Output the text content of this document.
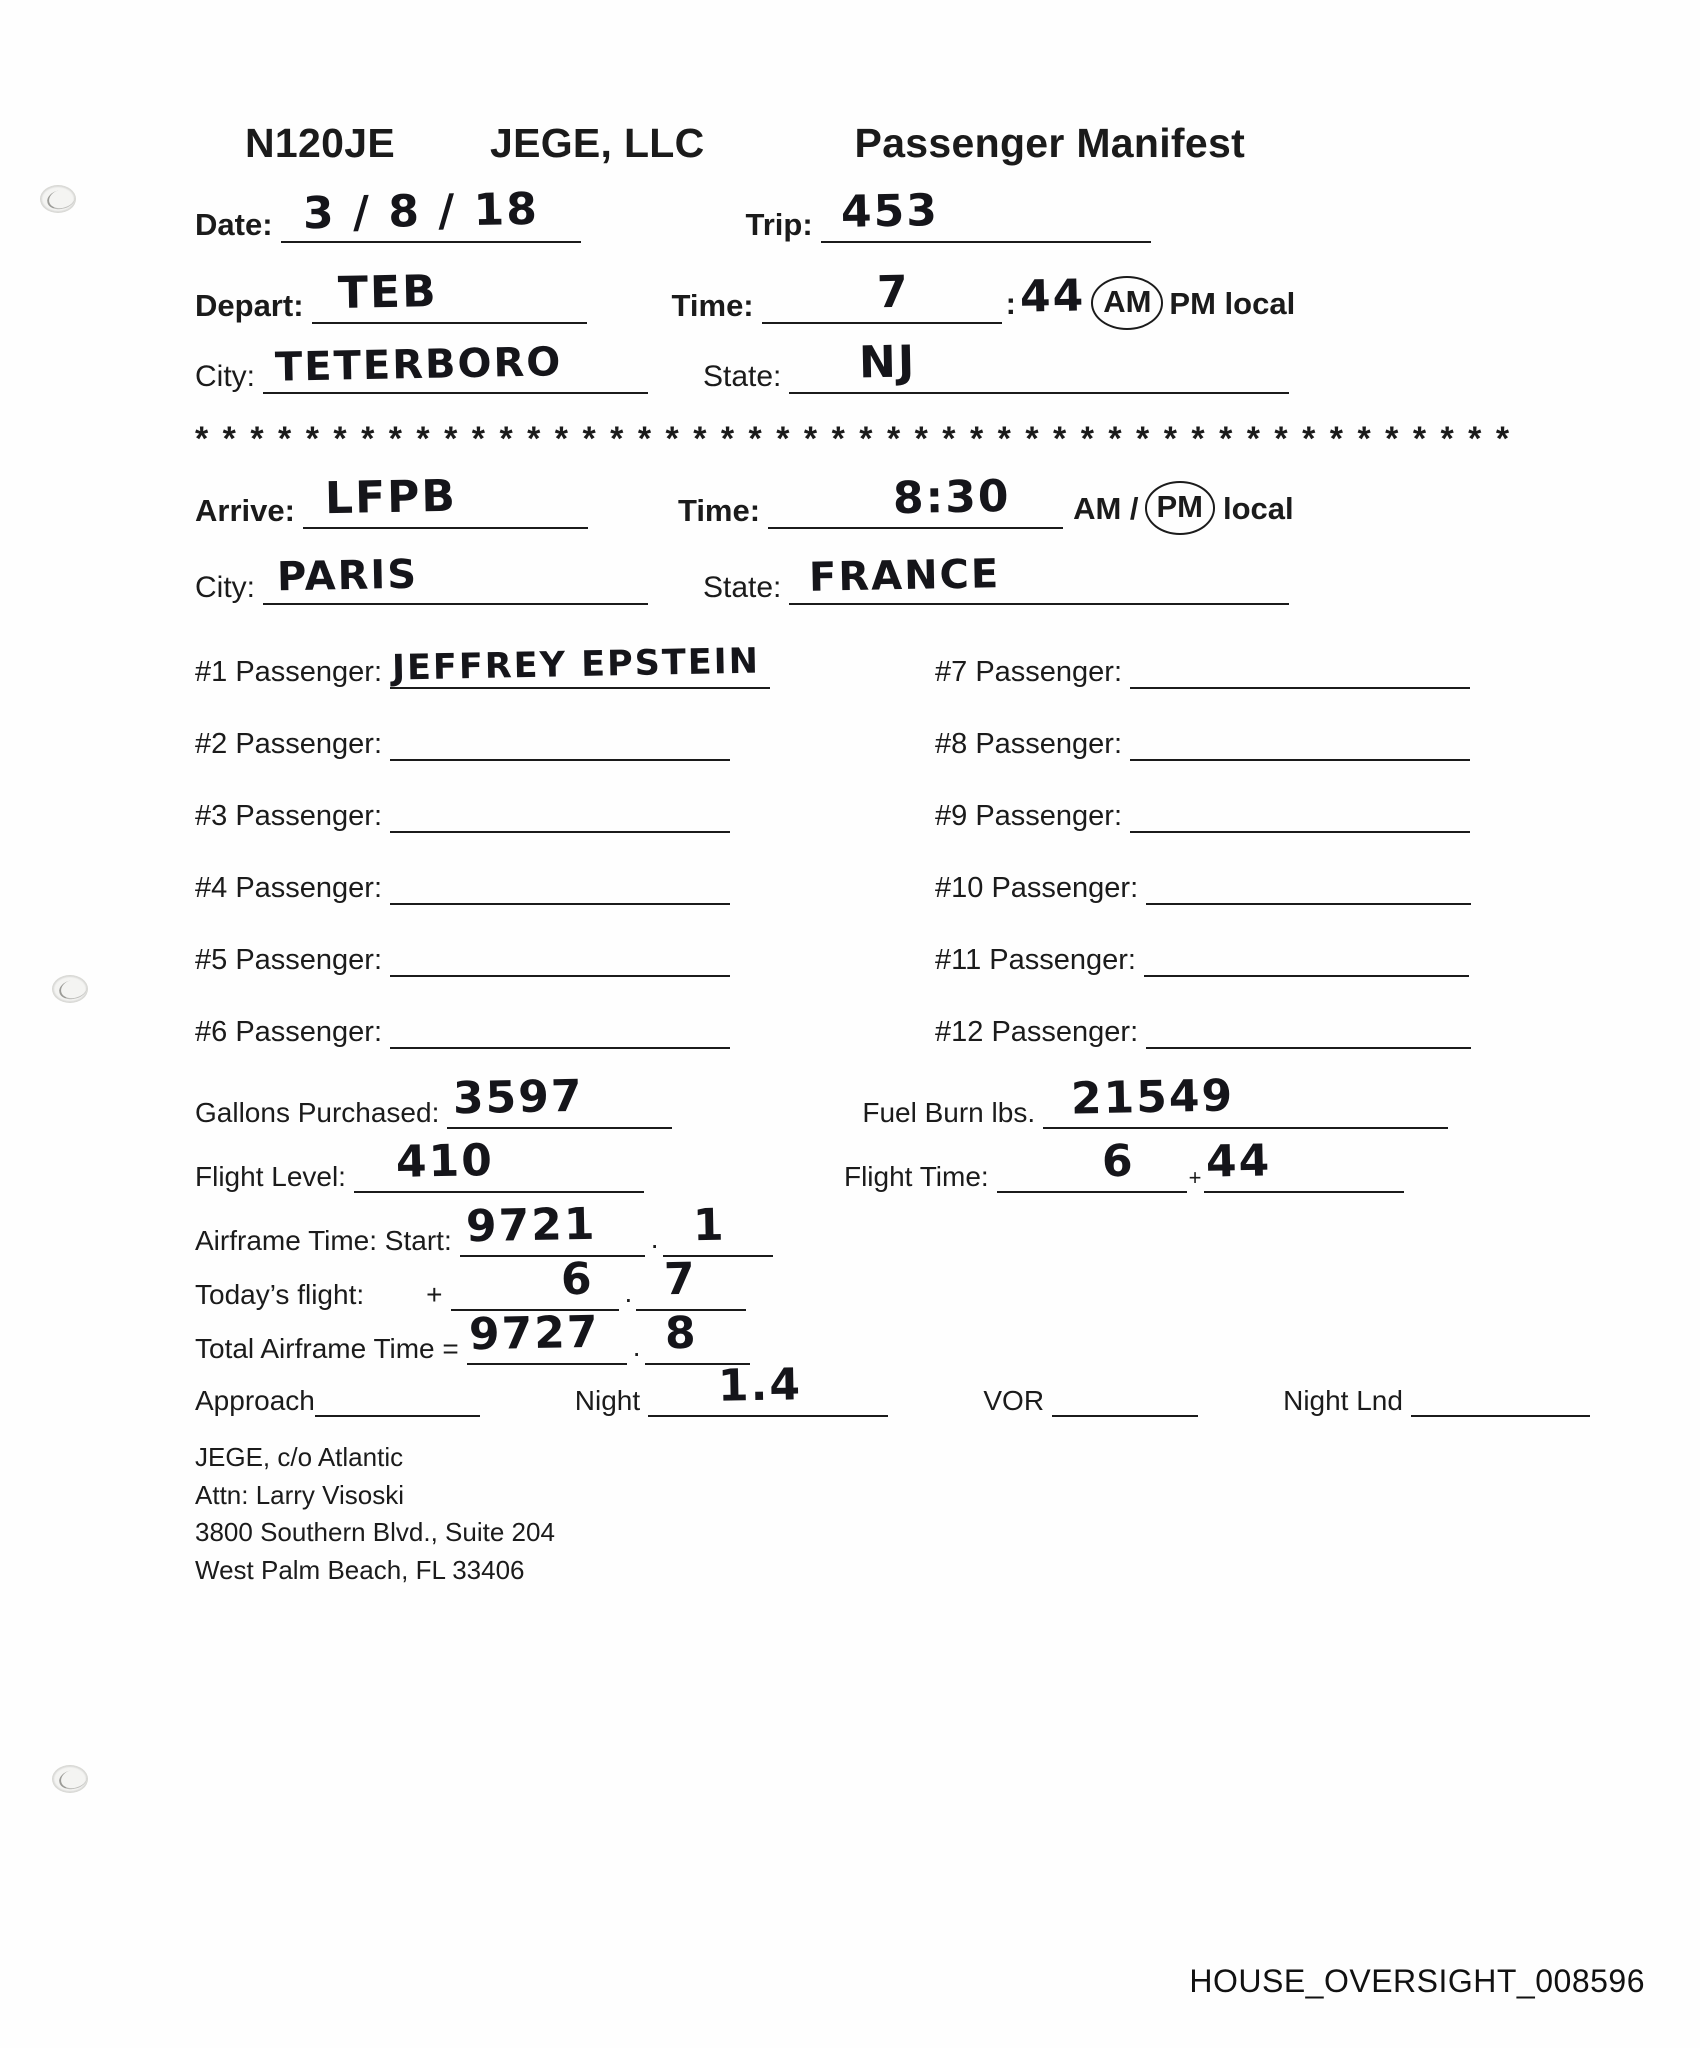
N120JE JEGE, LLC	Passenger Manifest
Date: 3 / 8 / 18	Trip: 453
Depart: TEB	Time:	7	: 44 AM PM local
City: TETERBORO	State: NJ
* * * * * * * * * * * * * * * * * * * * * * * * * * * * * * * * * * * * * * * * * * * * * * * *
Arrive: LFPB	Time:	8:30 AM / PM local
City: PARIS	State: FRANCE
#1 Passenger: JEFFREY EPSTEIN
#2 Passenger:
#3 Passenger:
#4 Passenger:
#5 Passenger:
#6 Passenger:
#7 Passenger:
#8 Passenger:
#9 Passenger:
#10 Passenger:
#11 Passenger:
#12 Passenger:
Gallons Purchased: 3597	Fuel Burn lbs. 21549
Flight Level: 410	Flight Time:	6 + 44
Airframe Time: Start: 9721 . 1
Today’s flight: +	6 . 7
Total Airframe Time = 9727 . 8
Approach	Night 1.4	VOR	Night Lnd
JEGE, c/o Atlantic
Attn: Larry Visoski
3800 Southern Blvd., Suite 204
West Palm Beach, FL 33406
HOUSE_OVERSIGHT_008596
